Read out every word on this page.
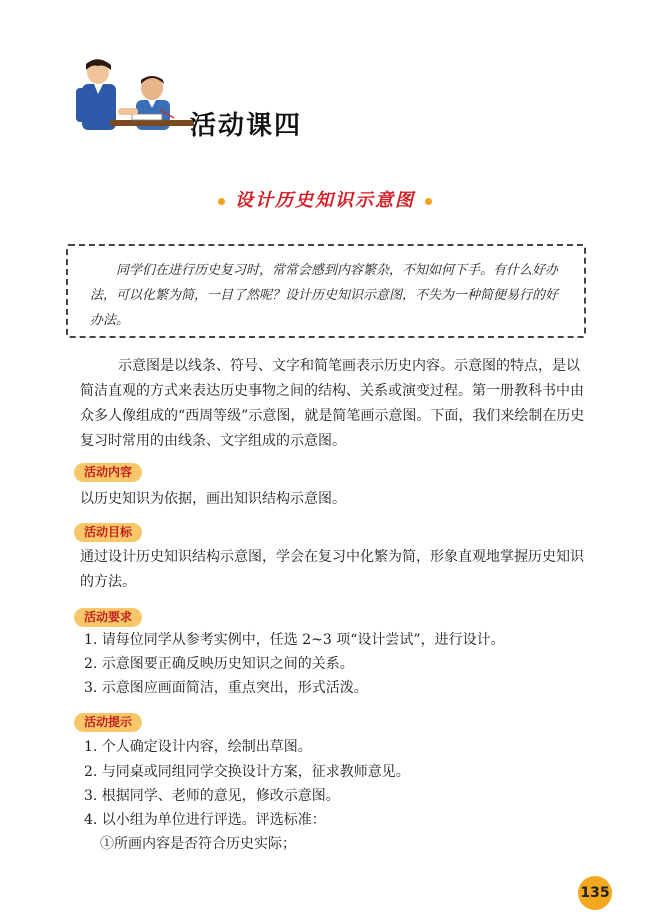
活动课四
设计历史知识示意图
同学们在进行历史复习时，常常会感到内容繁杂，不知如何下手。有什么好办法，可以化繁为简，一目了然呢？设计历史知识示意图，不失为一种简便易行的好办法。
示意图是以线条、符号、文字和简笔画表示历史内容。示意图的特点，是以简洁直观的方式来表达历史事物之间的结构、关系或演变过程。第一册教科书中由众多人像组成的“西周等级”示意图，就是简笔画示意图。下面，我们来绘制在历史复习时常用的由线条、文字组成的示意图。
活动内容
以历史知识为依据，画出知识结构示意图。
活动目标
通过设计历史知识结构示意图，学会在复习中化繁为简，形象直观地掌握历史知识的方法。
活动要求
1. 请每位同学从参考实例中，任选 2~3 项“设计尝试”，进行设计。
2. 示意图要正确反映历史知识之间的关系。
3. 示意图应画面简洁，重点突出，形式活泼。
活动提示
1. 个人确定设计内容，绘制出草图。
2. 与同桌或同组同学交换设计方案，征求教师意见。
3. 根据同学、老师的意见，修改示意图。
4. 以小组为单位进行评选。评选标准：
①所画内容是否符合历史实际；
135
